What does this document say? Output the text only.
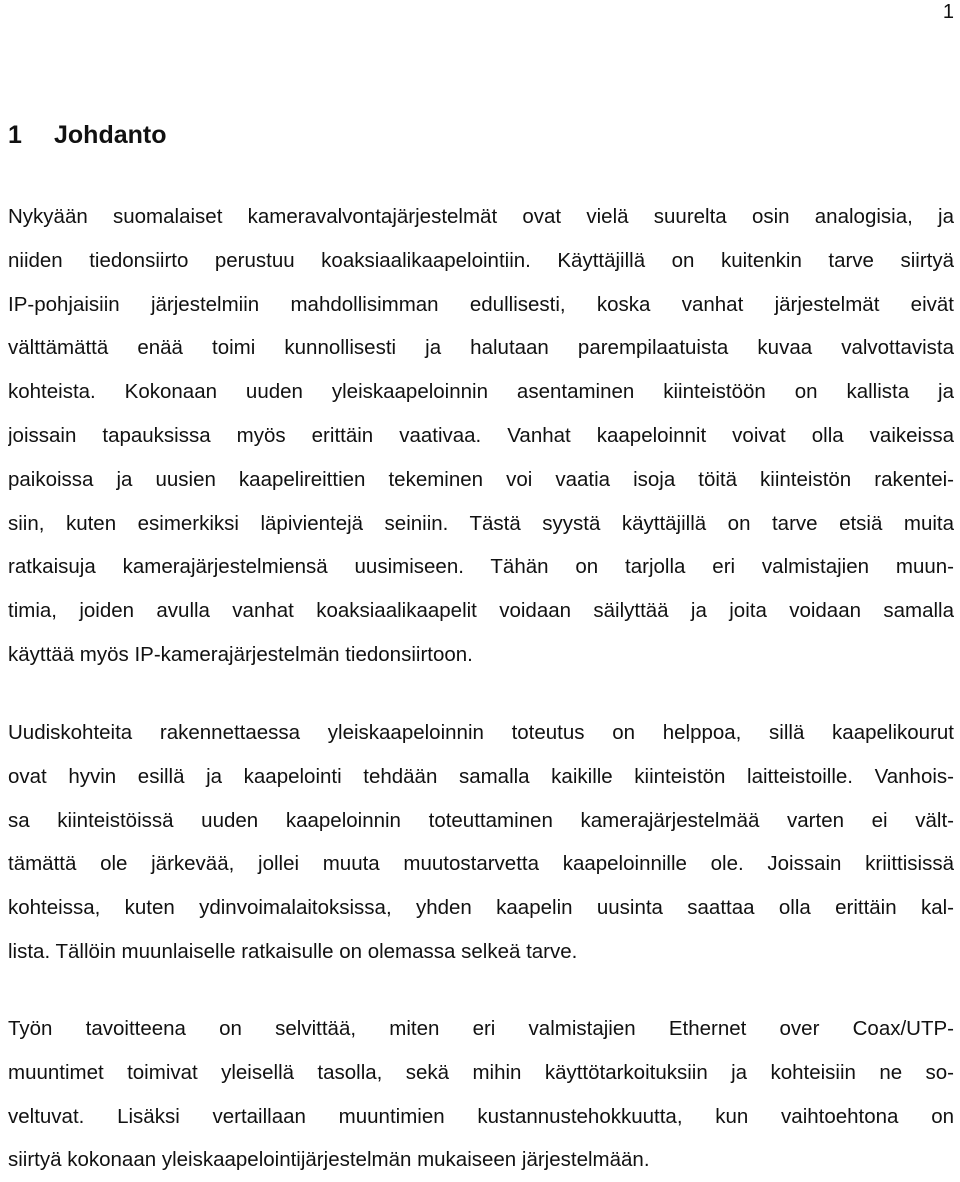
1
1 Johdanto
Nykyään suomalaiset kameravalvontajärjestelmät ovat vielä suurelta osin analogisia, ja
niiden tiedonsiirto perustuu koaksiaalikaapelointiin. Käyttäjillä on kuitenkin tarve siirtyä
IP-pohjaisiin järjestelmiin mahdollisimman edullisesti, koska vanhat järjestelmät eivät
välttämättä enää toimi kunnollisesti ja halutaan parempilaatuista kuvaa valvottavista
kohteista. Kokonaan uuden yleiskaapeloinnin asentaminen kiinteistöön on kallista ja
joissain tapauksissa myös erittäin vaativaa. Vanhat kaapeloinnit voivat olla vaikeissa
paikoissa ja uusien kaapelireittien tekeminen voi vaatia isoja töitä kiinteistön rakentei-
siin, kuten esimerkiksi läpivientejä seiniin. Tästä syystä käyttäjillä on tarve etsiä muita
ratkaisuja kamerajärjestelmiensä uusimiseen. Tähän on tarjolla eri valmistajien muun-
timia, joiden avulla vanhat koaksiaalikaapelit voidaan säilyttää ja joita voidaan samalla
käyttää myös IP-kamerajärjestelmän tiedonsiirtoon.
Uudiskohteita rakennettaessa yleiskaapeloinnin toteutus on helppoa, sillä kaapelikourut
ovat hyvin esillä ja kaapelointi tehdään samalla kaikille kiinteistön laitteistoille. Vanhois-
sa kiinteistöissä uuden kaapeloinnin toteuttaminen kamerajärjestelmää varten ei vält-
tämättä ole järkevää, jollei muuta muutostarvetta kaapeloinnille ole. Joissain kriittisissä
kohteissa, kuten ydinvoimalaitoksissa, yhden kaapelin uusinta saattaa olla erittäin kal-
lista. Tällöin muunlaiselle ratkaisulle on olemassa selkeä tarve.
Työn tavoitteena on selvittää, miten eri valmistajien Ethernet over Coax/UTP-
muuntimet toimivat yleisellä tasolla, sekä mihin käyttötarkoituksiin ja kohteisiin ne so-
veltuvat. Lisäksi vertaillaan muuntimien kustannustehokkuutta, kun vaihtoehtona on
siirtyä kokonaan yleiskaapelointijärjestelmän mukaiseen järjestelmään.
